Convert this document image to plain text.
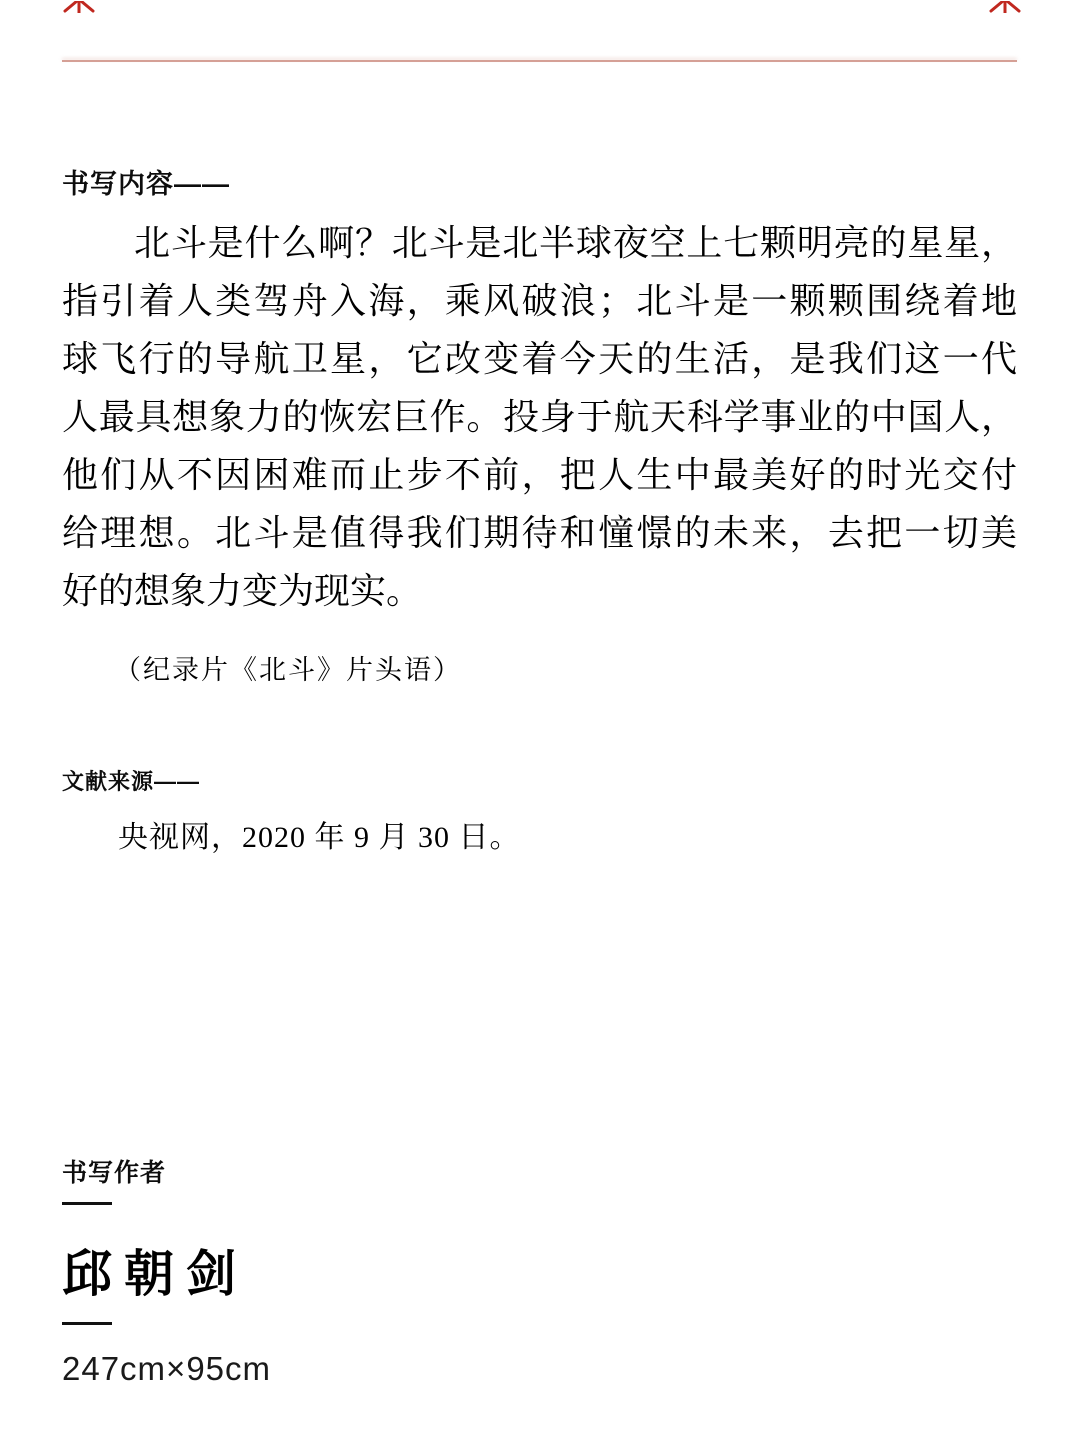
书写内容——
北斗是什么啊？北斗是北半球夜空上七颗明亮的星星，
指引着人类驾舟入海，乘风破浪；北斗是一颗颗围绕着地
球飞行的导航卫星，它改变着今天的生活，是我们这一代
人最具想象力的恢宏巨作。投身于航天科学事业的中国人，
他们从不因困难而止步不前，把人生中最美好的时光交付
给理想。北斗是值得我们期待和憧憬的未来，去把一切美
好的想象力变为现实。
（纪录片《北斗》片头语）
文献来源——
央视网，2020 年 9 月 30 日。
书写作者
邱朝剑
247cm×95cm
